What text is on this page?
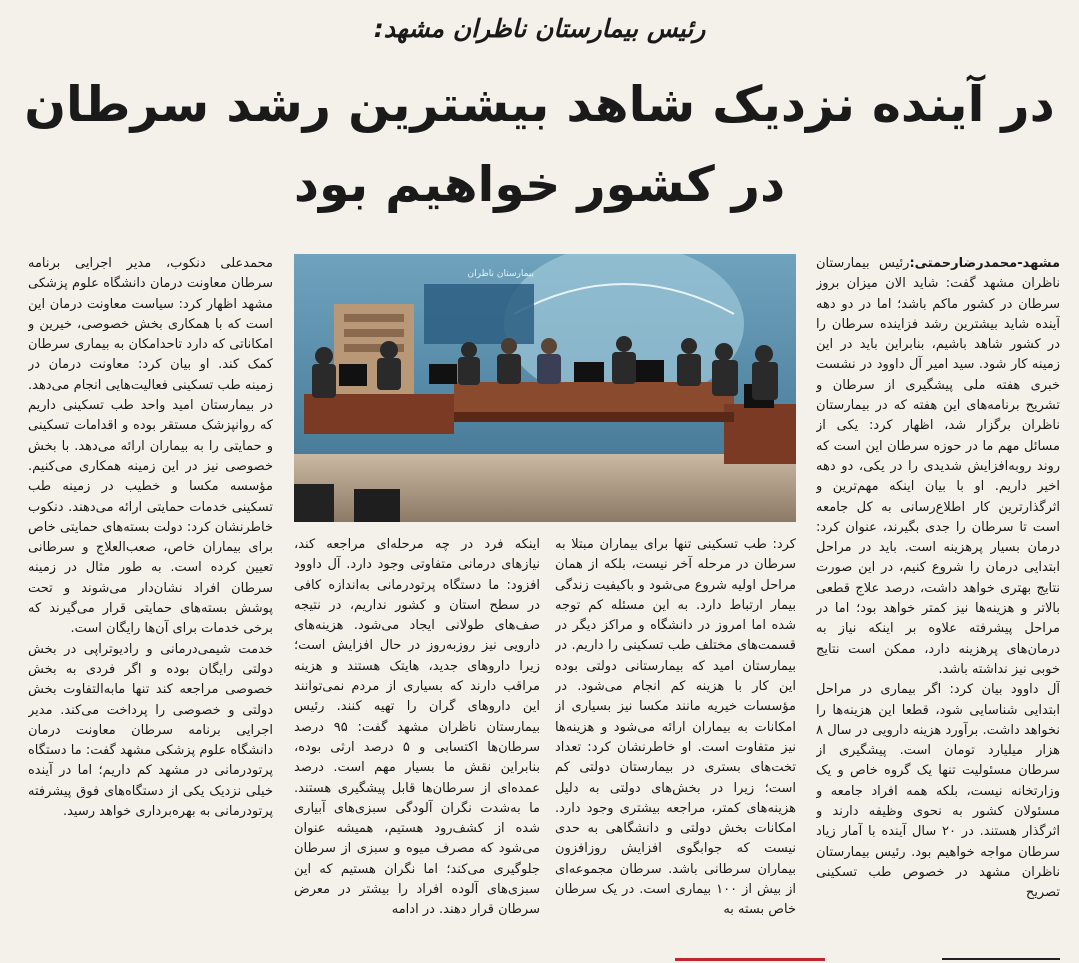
رئیس بیمارستان ناظران مشهد:
در آینده نزدیک شاهد بیشترین رشد سرطان
در کشور خواهیم بود

مشهد-محمدرضارحمتی:رئیس بیمارستان ناظران مشهد گفت: شاید الان میزان بروز سرطان در کشور ماکم باشد؛ اما در دو دهه آینده شاید بیشترین رشد فزاینده سرطان را در کشور شاهد باشیم، بنابراین باید در این زمینه کار شود. سید امیر آل داوود در نشست خبری هفته ملی پیشگیری از سرطان و تشریح برنامه‌های این هفته که در بیمارستان ناظران برگزار شد، اظهار کرد: یکی از مسائل مهم ما در حوزه سرطان این است که روند روبه‌افزایش شدیدی را در یکی، دو دهه اخیر داریم. او با بیان اینکه مهم‌ترین و اثرگذارترین کار اطلاع‌رسانی به کل جامعه است تا سرطان را جدی بگیرند، عنوان کرد: درمان بسیار پرهزینه است. باید در مراحل ابتدایی درمان را شروع کنیم، در این صورت نتایج بهتری خواهد داشت، درصد علاج قطعی بالاتر و هزینه‌ها نیز کمتر خواهد بود؛ اما در مراحل پیشرفته علاوه بر اینکه نیاز به درمان‌های پرهزینه دارد، ممکن است نتایج خوبی نیز نداشته باشد.

آل داوود بیان کرد: اگر بیماری در مراحل ابتدایی شناسایی شود، قطعا این هزینه‌ها را نخواهد داشت. برآورد هزینه دارویی در سال ۸ هزار میلیارد تومان است. پیشگیری از سرطان مسئولیت تنها یک گروه خاص و یک وزارتخانه نیست، بلکه همه افراد جامعه و مسئولان کشور به نحوی وظیفه دارند و اثرگذار هستند. در ۲۰ سال آینده با آمار زیاد سرطان مواجه خواهیم بود. رئیس بیمارستان ناظران مشهد در خصوص طب تسکینی تصریح

بیمارستان ناظران

کرد: طب تسکینی تنها برای بیماران مبتلا به سرطان در مرحله آخر نیست، بلکه از همان مراحل اولیه شروع می‌شود و باکیفیت زندگی بیمار ارتباط دارد. به این مسئله کم توجه شده اما امروز در دانشگاه و مراکز دیگر در قسمت‌های مختلف طب تسکینی را داریم. در بیمارستان امید که بیمارستانی دولتی بوده این کار با هزینه کم انجام می‌شود. در مؤسسات خیریه مانند مکسا نیز بسیاری از امکانات به بیماران ارائه می‌شود و هزینه‌ها نیز متفاوت است. او خاطرنشان کرد: تعداد تخت‌های بستری در بیمارستان دولتی کم است؛ زیرا در بخش‌های دولتی به دلیل هزینه‌های کمتر، مراجعه بیشتری وجود دارد. امکانات بخش دولتی و دانشگاهی به حدی نیست که جوابگوی افزایش روزافزون بیماران سرطانی باشد. سرطان مجموعه‌ای از بیش از ۱۰۰ بیماری است. در یک سرطان خاص بسته به

اینکه فرد در چه مرحله‌ای مراجعه کند، نیازهای درمانی متفاوتی وجود دارد. آل داوود افزود: ما دستگاه پرتودرمانی به‌اندازه کافی در سطح استان و کشور نداریم، در نتیجه صف‌های طولانی ایجاد می‌شود. هزینه‌های دارویی نیز روزبه‌روز در حال افزایش است؛ زیرا داروهای جدید، هایتک هستند و هزینه مراقب دارند که بسیاری از مردم نمی‌توانند این داروهای گران را تهیه کنند. رئیس بیمارستان ناظران مشهد گفت: ۹۵ درصد سرطان‌ها اکتسابی و ۵ درصد ارثی بوده، بنابراین نقش ما بسیار مهم است. درصد عمده‌ای از سرطان‌ها قابل پیشگیری هستند. ما به‌شدت نگران آلودگی سبزی‌های آبیاری شده از کشف‌رود هستیم، همیشه عنوان می‌شود که مصرف میوه و سبزی از سرطان جلوگیری می‌کند؛ اما نگران هستیم که این سبزی‌های آلوده افراد را بیشتر در معرض سرطان قرار دهند. در ادامه

محمدعلی دنکوب، مدیر اجرایی برنامه سرطان معاونت درمان دانشگاه علوم پزشکی مشهد اظهار کرد: سیاست معاونت درمان این است که با همکاری بخش خصوصی، خیرین و امکاناتی که دارد تاحدامکان به بیماری سرطان کمک کند. او بیان کرد: معاونت درمان در زمینه طب تسکینی فعالیت‌هایی انجام می‌دهد. در بیمارستان امید واحد طب تسکینی داریم که روانپزشک مستقر بوده و اقدامات تسکینی و حمایتی را به بیماران ارائه می‌دهد. با بخش خصوصی نیز در این زمینه همکاری می‌کنیم. مؤسسه مکسا و خطیب در زمینه طب تسکینی خدمات حمایتی ارائه می‌دهند. دنکوب خاطرنشان کرد: دولت بسته‌های حمایتی خاص برای بیماران خاص، صعب‌العلاج و سرطانی تعیین کرده است. به طور مثال در زمینه سرطان افراد نشان‌دار می‌شوند و تحت پوشش بسته‌های حمایتی قرار می‌گیرند که برخی خدمات برای آن‌ها رایگان است.

خدمت شیمی‌درمانی و رادیوتراپی در بخش دولتی رایگان بوده و اگر فردی به بخش خصوصی مراجعه کند تنها مابه‌التفاوت بخش دولتی و خصوصی را پرداخت می‌کند. مدیر اجرایی برنامه سرطان معاونت درمان دانشگاه علوم پزشکی مشهد گفت: ما دستگاه پرتودرمانی در مشهد کم داریم؛ اما در آینده خیلی نزدیک یکی از دستگاه‌های فوق پیشرفته پرتودرمانی به بهره‌برداری خواهد رسید.
